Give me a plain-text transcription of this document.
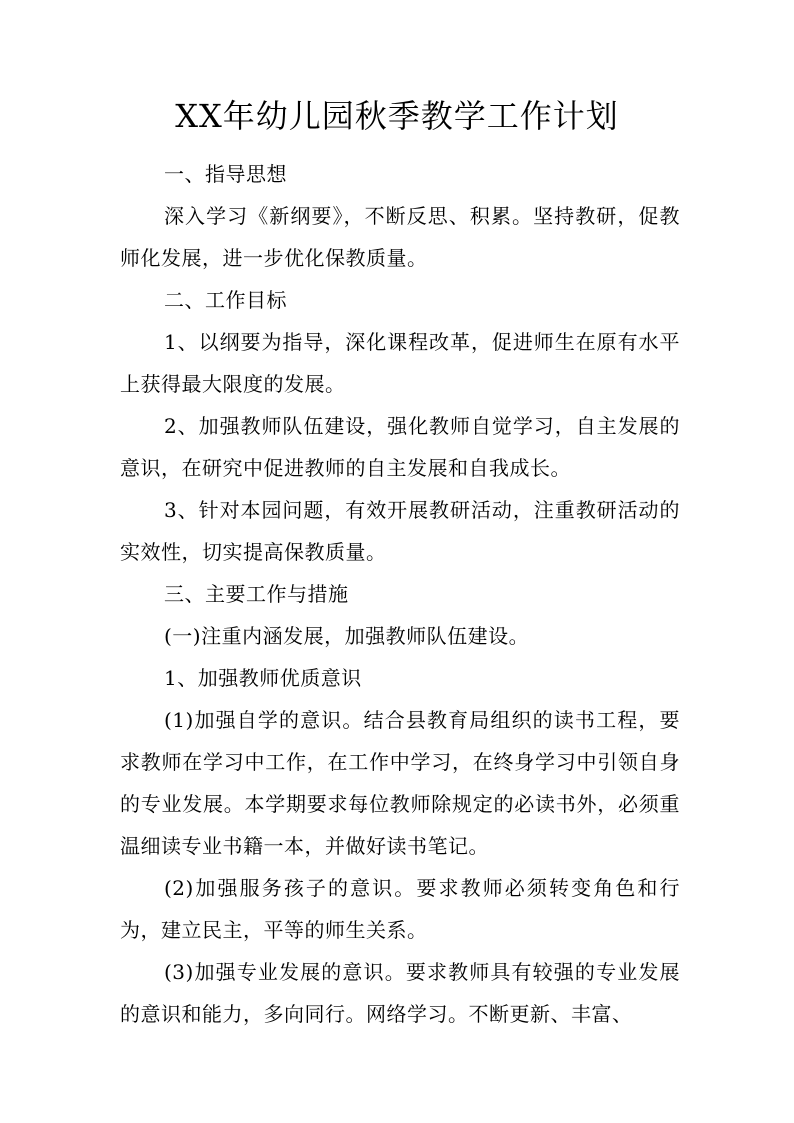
XX年幼儿园秋季教学工作计划
一、指导思想
深入学习《新纲要》，不断反思、积累。坚持教研，促教师化发展，进一步优化保教质量。
二、工作目标
1、以纲要为指导，深化课程改革，促进师生在原有水平上获得最大限度的发展。
2、加强教师队伍建设，强化教师自觉学习，自主发展的意识，在研究中促进教师的自主发展和自我成长。
3、针对本园问题，有效开展教研活动，注重教研活动的实效性，切实提高保教质量。
三、主要工作与措施
(一)注重内涵发展，加强教师队伍建设。
1、加强教师优质意识
(1)加强自学的意识。结合县教育局组织的读书工程，要求教师在学习中工作，在工作中学习，在终身学习中引领自身的专业发展。本学期要求每位教师除规定的必读书外，必须重温细读专业书籍一本，并做好读书笔记。
(2)加强服务孩子的意识。要求教师必须转变角色和行为，建立民主，平等的师生关系。
(3)加强专业发展的意识。要求教师具有较强的专业发展的意识和能力，多向同行。网络学习。不断更新、丰富、
